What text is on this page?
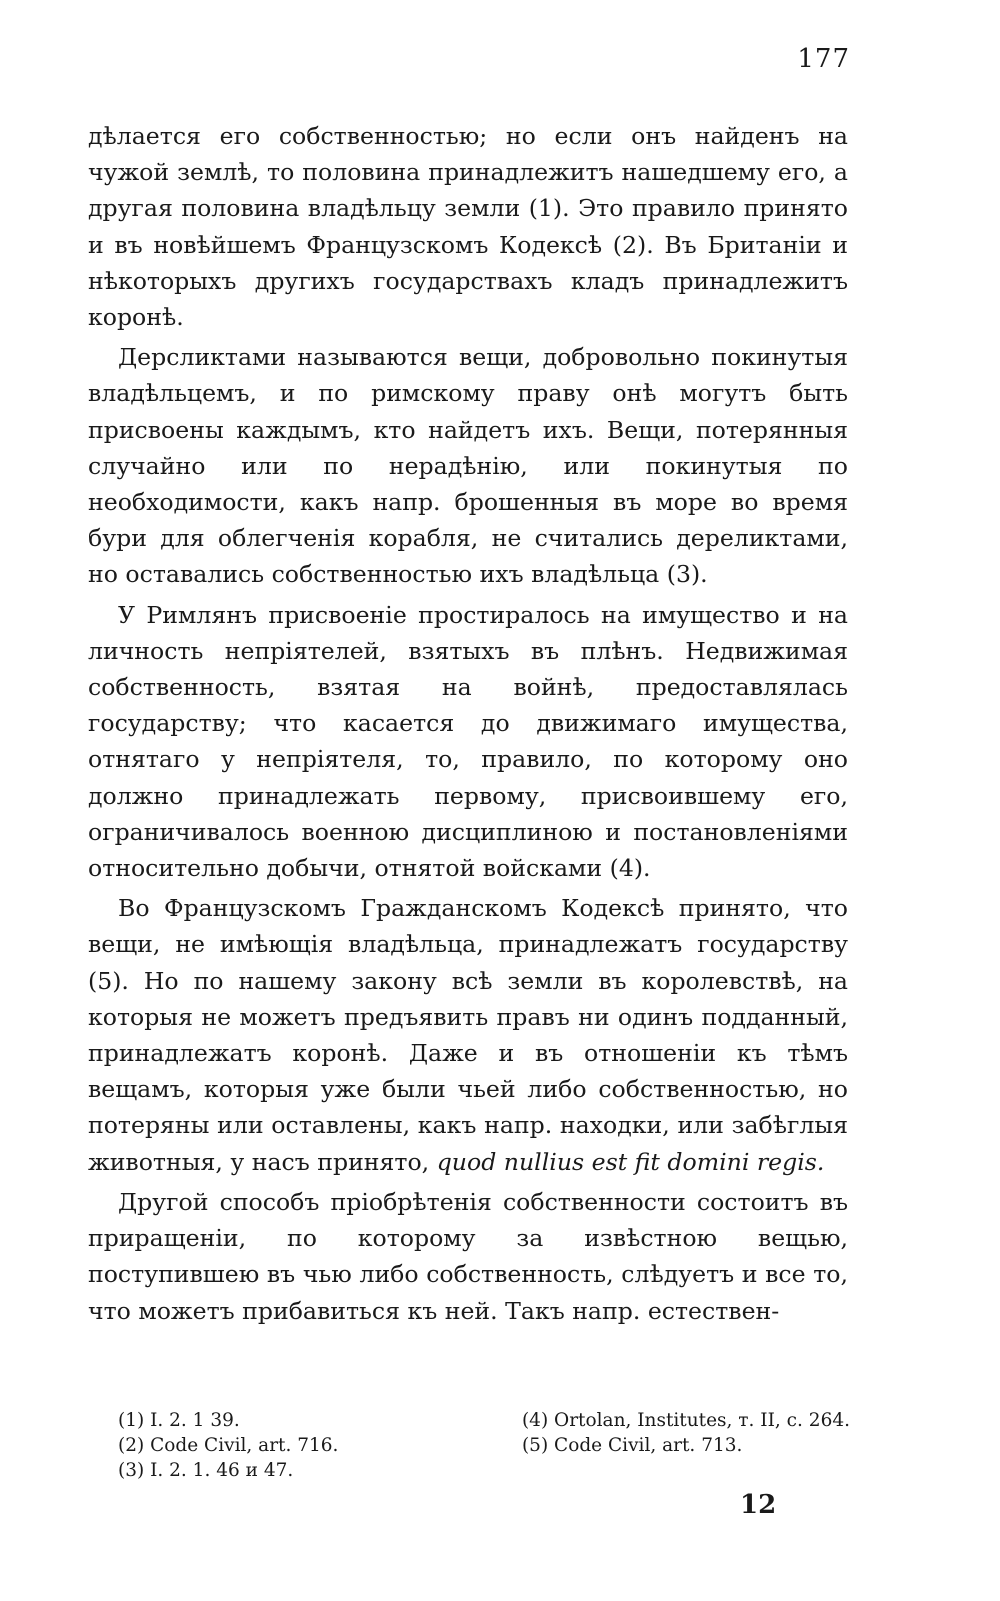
177

дѣлается его собственностью; но если онъ найденъ на чужой землѣ, то половина принадлежитъ нашедшему его, а другая половина владѣльцу земли (1). Это правило принято и въ новѣйшемъ Французскомъ Кодексѣ (2). Въ Британіи и нѣкоторыхъ другихъ государствахъ кладъ принадлежитъ коронѣ.

Дерсликтами называются вещи, добровольно покинутыя владѣльцемъ, и по римскому праву онѣ могутъ быть присвоены каждымъ, кто найдетъ ихъ. Вещи, потерянныя случайно или по нерадѣнію, или покинутыя по необходимости, какъ напр. брошенныя въ море во время бури для облегченія корабля, не считались дереликтами, но оставались собственностью ихъ владѣльца (3).

У Римлянъ присвоеніе простиралось на имущество и на личность непріятелей, взятыхъ въ плѣнъ. Недвижимая собственность, взятая на войнѣ, предоставлялась государству; что касается до движимаго имущества, отнятаго у непріятеля, то, правило, по которому оно должно принадлежать первому, присвоившему его, ограничивалось военною дисциплиною и постановленіями относительно добычи, отнятой войсками (4).

Во Французскомъ Гражданскомъ Кодексѣ принято, что вещи, не имѣющія владѣльца, принадлежатъ государству (5). Но по нашему закону всѣ земли въ королевствѣ, на которыя не можетъ предъявить правъ ни одинъ подданный, принадлежатъ коронѣ. Даже и въ отношеніи къ тѣмъ вещамъ, которыя уже были чьей либо собственностью, но потеряны или оставлены, какъ напр. находки, или забѣглыя животныя, у насъ принято, quod nullius est fit domini regis.

Другой способъ пріобрѣтенія собственности состоитъ въ приращеніи, по которому за извѣстною вещью, поступившею въ чью либо собственность, слѣдуетъ и все то, что можетъ прибавиться къ ней. Такъ напр. естествен-

(1) I. 2. 1 39.
(2) Code Civil, art. 716.
(3) I. 2. 1. 46 и 47.
(4) Ortolan, Institutes, т. II, с. 264.
(5) Code Civil, art. 713.
12
